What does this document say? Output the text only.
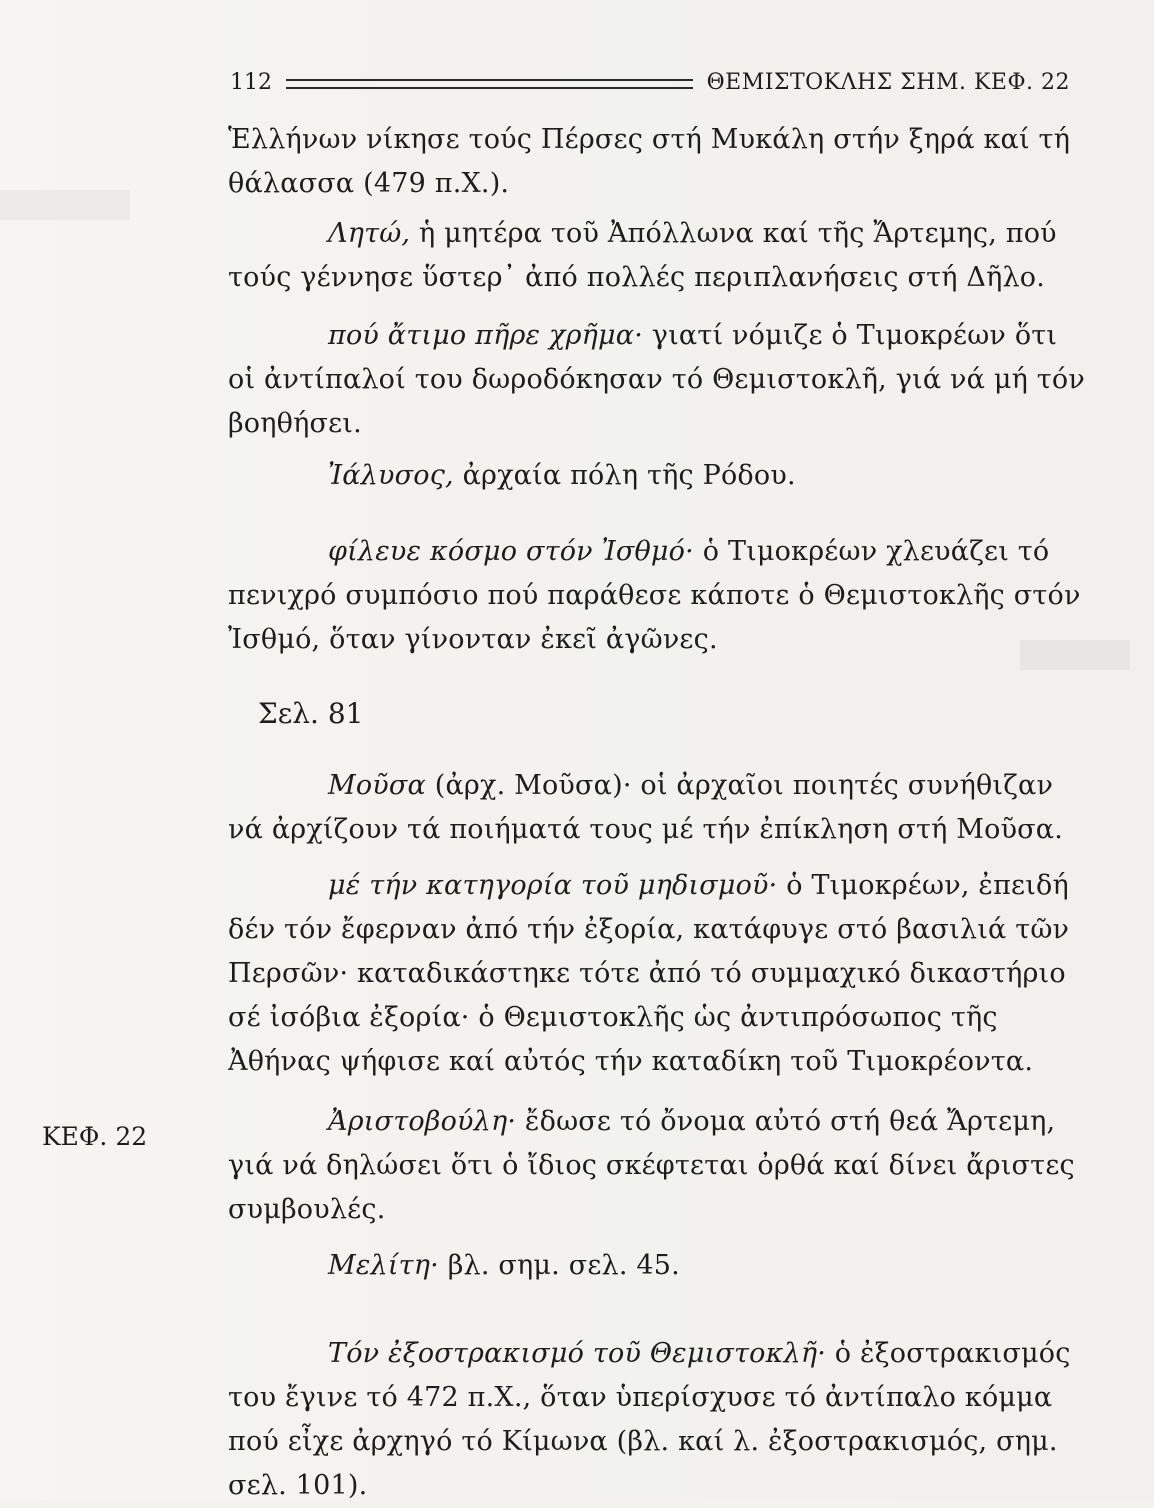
112	ΘΕΜΙΣΤΟΚΛΗΣ ΣΗΜ. ΚΕΦ. 22

Ἑλλήνων νίκησε τούς Πέρσες στή Μυκάλη στήν ξηρά καί τή θάλασσα (479 π.Χ.).

Λητώ, ἡ μητέρα τοῦ Ἀπόλλωνα καί τῆς Ἄρτεμης, πού τούς γέννησε ὕστερ᾽ ἀπό πολλές περιπλανήσεις στή Δῆλο.

πού ἄτιμο πῆρε χρῆμα· γιατί νόμιζε ὁ Τιμοκρέων ὅτι οἱ ἀντίπαλοί του δωροδόκησαν τό Θεμιστοκλῆ, γιά νά μή τόν βοηθήσει.

Ἰάλυσος, ἀρχαία πόλη τῆς Ρόδου.

φίλευε κόσμο στόν Ἰσθμό· ὁ Τιμοκρέων χλευάζει τό πενιχρό συμπόσιο πού παράθεσε κάποτε ὁ Θεμιστοκλῆς στόν Ἰσθμό, ὅταν γίνονταν ἐκεῖ ἀγῶνες.

Σελ. 81

Μοῦσα (ἀρχ. Μοῦσα)· οἱ ἀρχαῖοι ποιητές συνήθιζαν νά ἀρχίζουν τά ποιήματά τους μέ τήν ἐπίκληση στή Μοῦσα.

μέ τήν κατηγορία τοῦ μηδισμοῦ· ὁ Τιμοκρέων, ἐπειδή δέν τόν ἔφερναν ἀπό τήν ἐξορία, κατάφυγε στό βασιλιά τῶν Περσῶν· καταδικάστηκε τότε ἀπό τό συμμαχικό δικαστήριο σέ ἰσόβια ἐξορία· ὁ Θεμιστοκλῆς ὡς ἀντιπρόσωπος τῆς Ἀθήνας ψήφισε καί αὐτός τήν καταδίκη τοῦ Τιμοκρέοντα.

ΚΕΦ. 22	Ἀριστοβούλη· ἔδωσε τό ὄνομα αὐτό στή θεά Ἄρτεμη, γιά νά δηλώσει ὅτι ὁ ἴδιος σκέφτεται ὀρθά καί δίνει ἄριστες συμβουλές.

Μελίτη· βλ. σημ. σελ. 45.

Τόν ἐξοστρακισμό τοῦ Θεμιστοκλῆ· ὁ ἐξοστρακισμός του ἔγινε τό 472 π.Χ., ὅταν ὑπερίσχυσε τό ἀντίπαλο κόμμα πού εἶχε ἀρχηγό τό Κίμωνα (βλ. καί λ. ἐξοστρακισμός, σημ. σελ. 101).
